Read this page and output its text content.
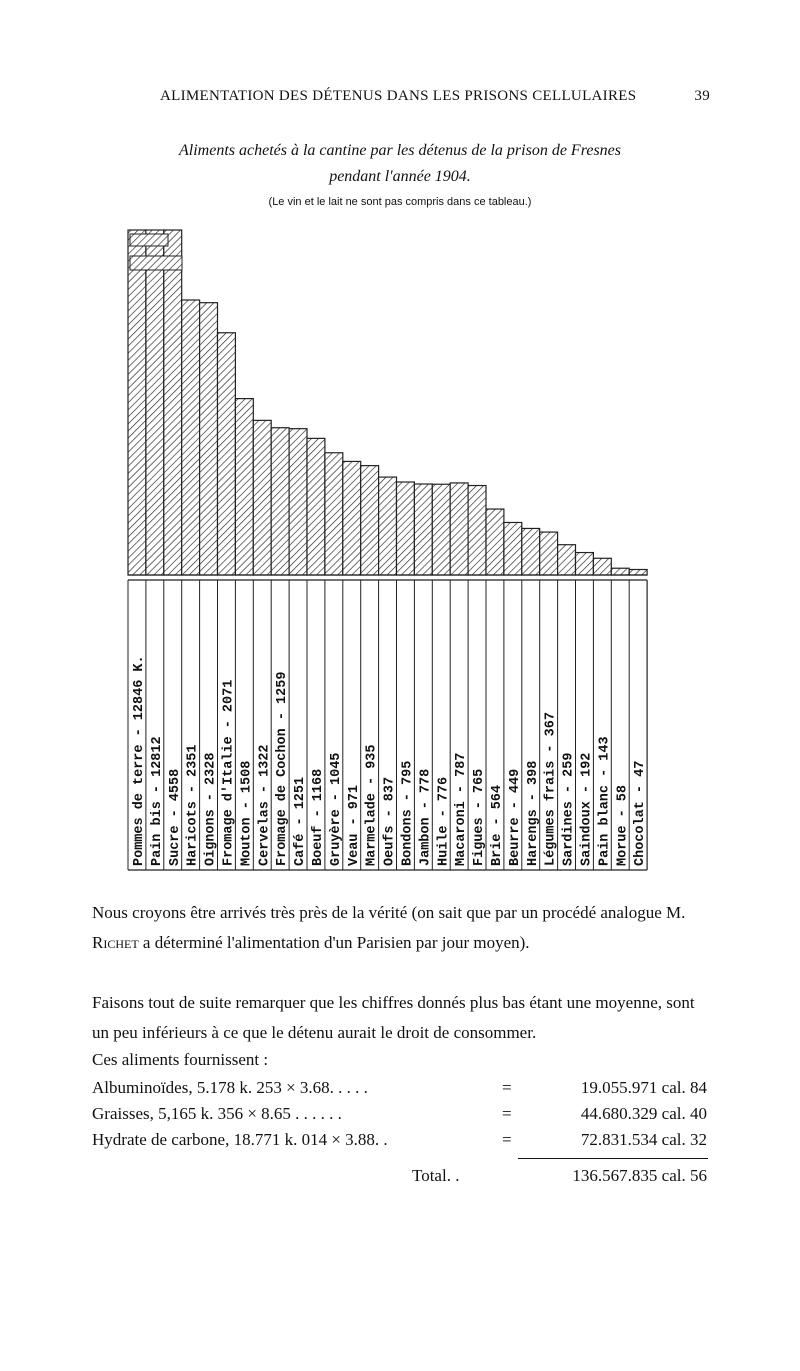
ALIMENTATION DES DÉTENUS DANS LES PRISONS CELLULAIRES	39
Aliments achetés à la cantine par les détenus de la prison de Fresnes
pendant l'année 1904.
(Le vin et le lait ne sont pas compris dans ce tableau.)
Pommes de terre - 12846 K. Pain bis - 12812 Sucre - 4558 Haricots - 2351 Oignons - 2328 Fromage d'Italie - 2071 Mouton - 1508 Cervelas - 1322 Fromage de Cochon - 1259 Café - 1251 Boeuf - 1168 Gruyère - 1045 Veau - 971 Marmelade - 935 Oeufs - 837 Bondons - 795 Jambon - 778 Huile - 776 Macaroni - 787 Figues - 765 Brie - 564 Beurre - 449 Harengs - 398 Légumes frais - 367 Sardines - 259 Saindoux - 192 Pain blanc - 143 Morue - 58 Chocolat - 47
Nous croyons être arrivés très près de la vérité (on sait que par un procédé analogue M. Richet a déterminé l'alimentation d'un Parisien par jour moyen).
Faisons tout de suite remarquer que les chiffres donnés plus bas étant une moyenne, sont un peu inférieurs à ce que le détenu aurait le droit de consommer.
Ces aliments fournissent :
Albuminoïdes, 5.178 k. 253 × 3.68. . . . .	=	19.055.971 cal. 84
Graisses, 5,165 k. 356 × 8.65 . . . . . .	=	44.680.329 cal. 40
Hydrate de carbone, 18.771 k. 014 × 3.88. .	=	72.831.534 cal. 32
Total. .	136.567.835 cal. 56
